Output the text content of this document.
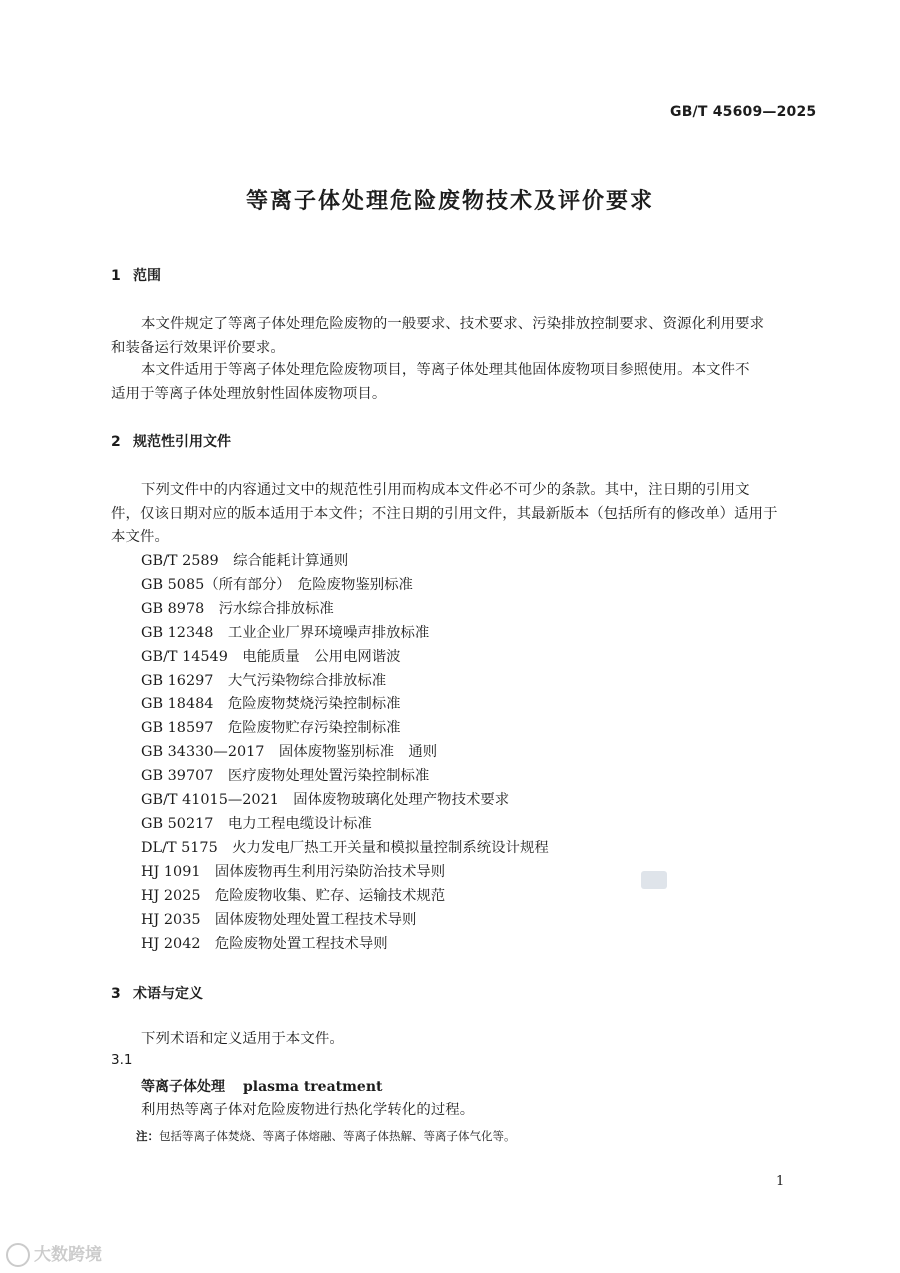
GB/T 45609—2025
等离子体处理危险废物技术及评价要求
1 范围
本文件规定了等离子体处理危险废物的一般要求、技术要求、污染排放控制要求、资源化利用要求
和装备运行效果评价要求。
本文件适用于等离子体处理危险废物项目，等离子体处理其他固体废物项目参照使用。本文件不
适用于等离子体处理放射性固体废物项目。
2 规范性引用文件
下列文件中的内容通过文中的规范性引用而构成本文件必不可少的条款。其中，注日期的引用文
件，仅该日期对应的版本适用于本文件；不注日期的引用文件，其最新版本（包括所有的修改单）适用于
本文件。
GB/T 2589　综合能耗计算通则
GB 5085（所有部分）　危险废物鉴别标准
GB 8978　污水综合排放标准
GB 12348　工业企业厂界环境噪声排放标准
GB/T 14549　电能质量　公用电网谐波
GB 16297　大气污染物综合排放标准
GB 18484　危险废物焚烧污染控制标准
GB 18597　危险废物贮存污染控制标准
GB 34330—2017　固体废物鉴别标准　通则
GB 39707　医疗废物处理处置污染控制标准
GB/T 41015—2021　固体废物玻璃化处理产物技术要求
GB 50217　电力工程电缆设计标准
DL/T 5175　火力发电厂热工开关量和模拟量控制系统设计规程
HJ 1091　固体废物再生利用污染防治技术导则
HJ 2025　危险废物收集、贮存、运输技术规范
HJ 2035　固体废物处理处置工程技术导则
HJ 2042　危险废物处置工程技术导则
3 术语与定义
下列术语和定义适用于本文件。
3.1
等离子体处理 plasma treatment
利用热等离子体对危险废物进行热化学转化的过程。
注：包括等离子体焚烧、等离子体熔融、等离子体热解、等离子体气化等。
1
大数跨境
